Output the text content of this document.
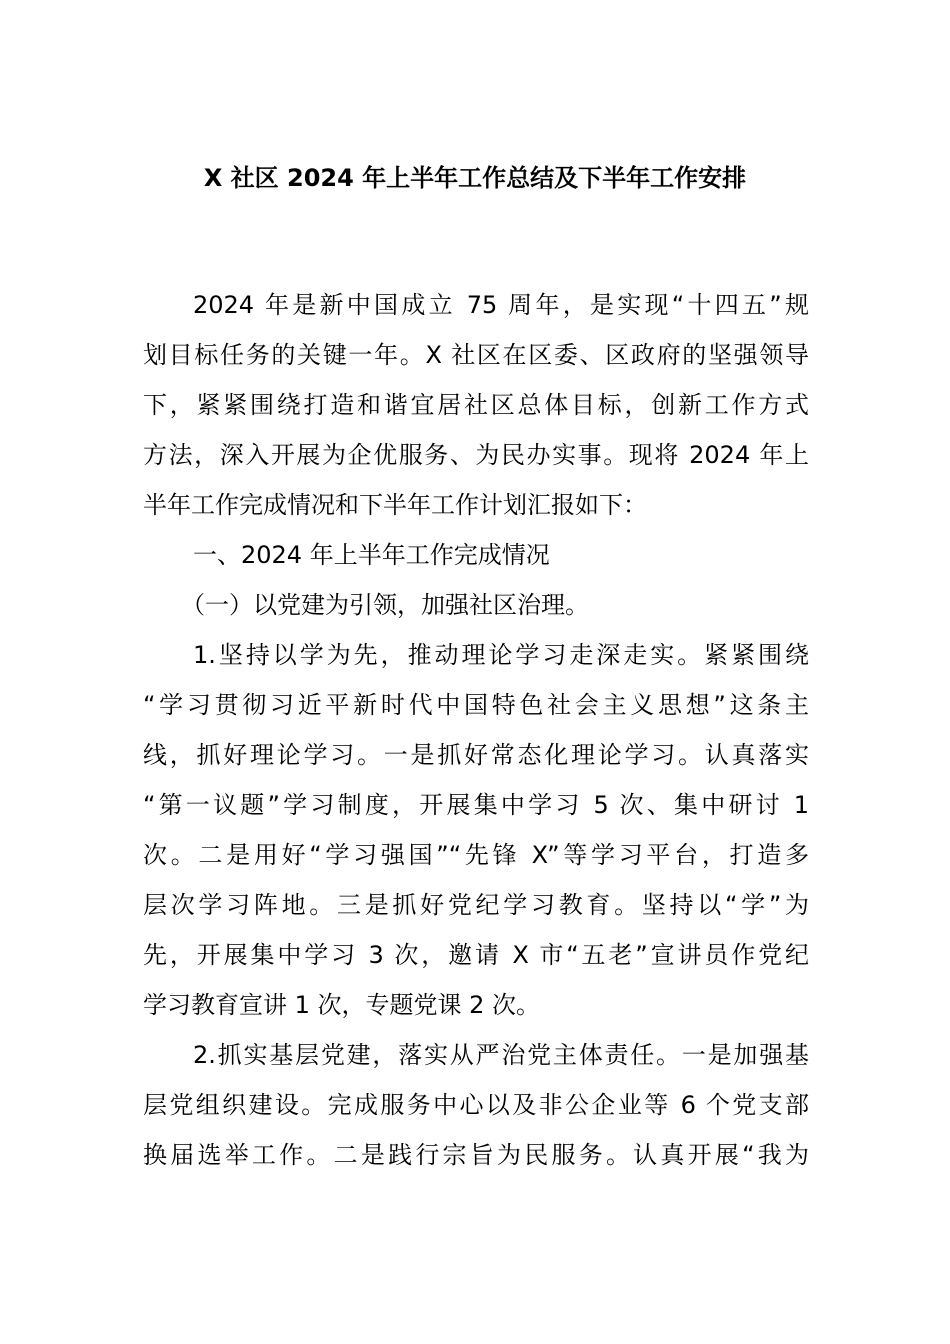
X 社区 2024 年上半年工作总结及下半年工作安排
2024 年是新中国成立 75 周年，是实现“十四五”规
划目标任务的关键一年。X 社区在区委、区政府的坚强领导
下，紧紧围绕打造和谐宜居社区总体目标，创新工作方式
方法，深入开展为企优服务、为民办实事。现将 2024 年上
半年工作完成情况和下半年工作计划汇报如下：
一、2024 年上半年工作完成情况
（一）以党建为引领，加强社区治理。
1.坚持以学为先，推动理论学习走深走实。紧紧围绕
“学习贯彻习近平新时代中国特色社会主义思想”这条主
线，抓好理论学习。一是抓好常态化理论学习。认真落实
“第一议题”学习制度，开展集中学习 5 次、集中研讨 1
次。二是用好“学习强国”“先锋 X”等学习平台，打造多
层次学习阵地。三是抓好党纪学习教育。坚持以“学”为
先，开展集中学习 3 次，邀请 X 市“五老”宣讲员作党纪
学习教育宣讲 1 次，专题党课 2 次。
2.抓实基层党建，落实从严治党主体责任。一是加强基
层党组织建设。完成服务中心以及非公企业等 6 个党支部
换届选举工作。二是践行宗旨为民服务。认真开展“我为
